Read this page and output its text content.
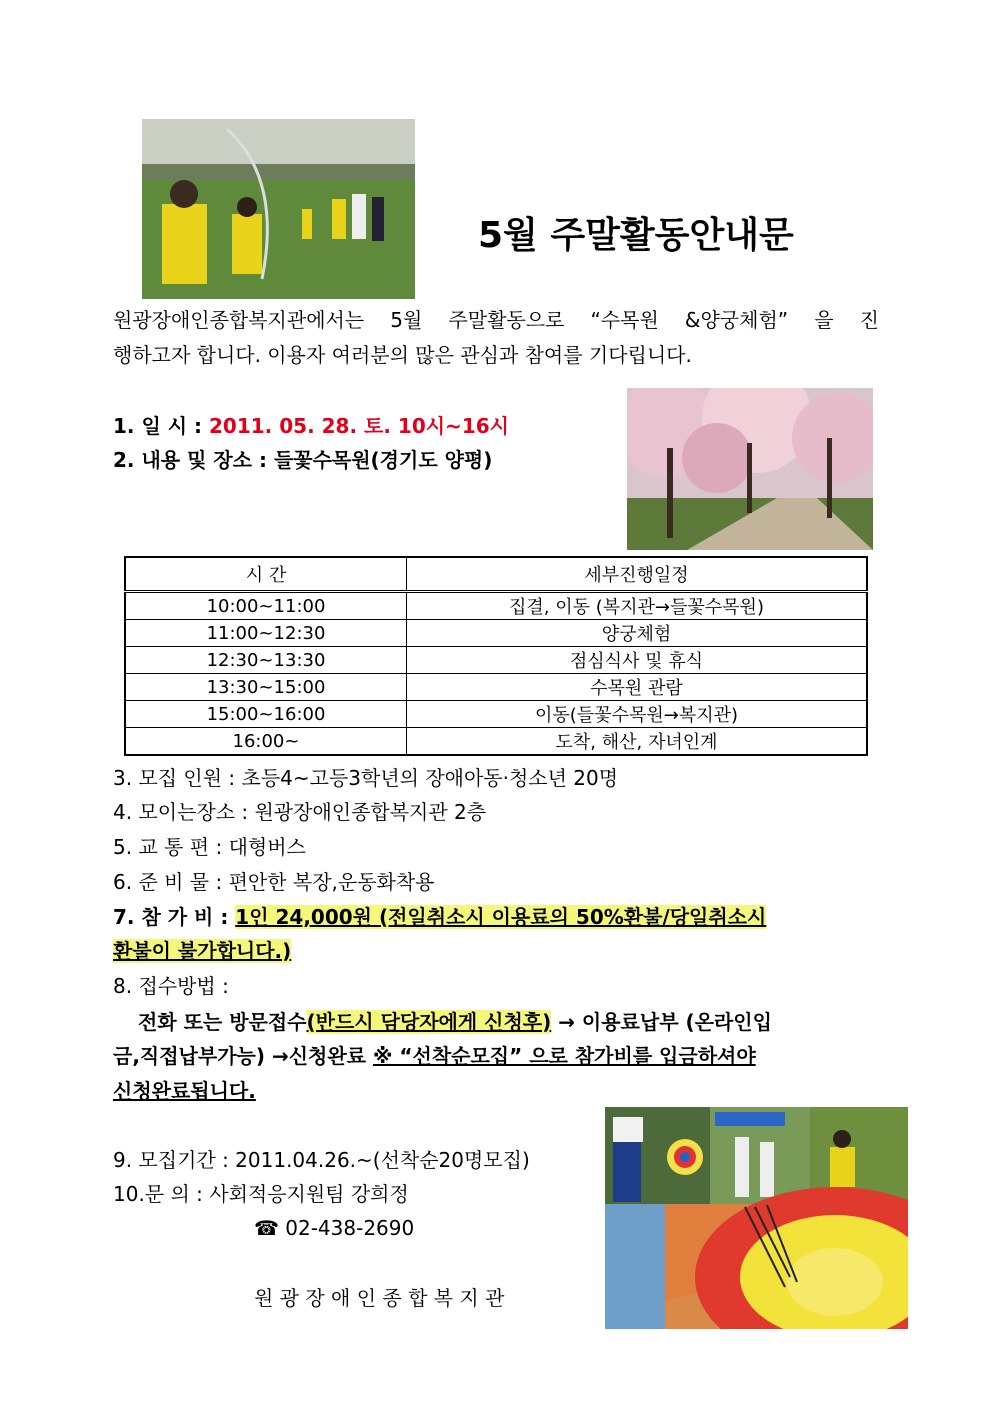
5월 주말활동안내문
원광장애인종합복지관에서는 5월 주말활동으로 “수목원 &양궁체험” 을 진
행하고자 합니다. 이용자 여러분의 많은 관심과 참여를 기다립니다.
1. 일 시 : 2011. 05. 28. 토. 10시~16시
2. 내용 및 장소 : 들꽃수목원(경기도 양평)
시 간	세부진행일정
10:00~11:00	집결, 이동 (복지관→들꽃수목원)
11:00~12:30	양궁체험
12:30~13:30	점심식사 및 휴식
13:30~15:00	수목원 관람
15:00~16:00	이동(들꽃수목원→복지관)
16:00~	도착, 해산, 자녀인계
3. 모집 인원 : 초등4~고등3학년의 장애아동·청소년 20명
4. 모이는장소 : 원광장애인종합복지관 2층
5. 교 통 편 : 대형버스
6. 준 비 물 : 편안한 복장,운동화착용
7. 참 가 비 : 1인 24,000원 (전일취소시 이용료의 50%환불/당일취소시
환불이 불가합니다.)
8. 접수방법 :
전화 또는 방문접수(반드시 담당자에게 신청후) → 이용료납부 (온라인입
금,직접납부가능) →신청완료 ※ “선착순모집” 으로 참가비를 입금하셔야
신청완료됩니다.
9. 모집기간 : 2011.04.26.~(선착순20명모집)
10.문 의 : 사회적응지원팀 강희정
☎ 02-438-2690
원 광 장 애 인 종 합 복 지 관
